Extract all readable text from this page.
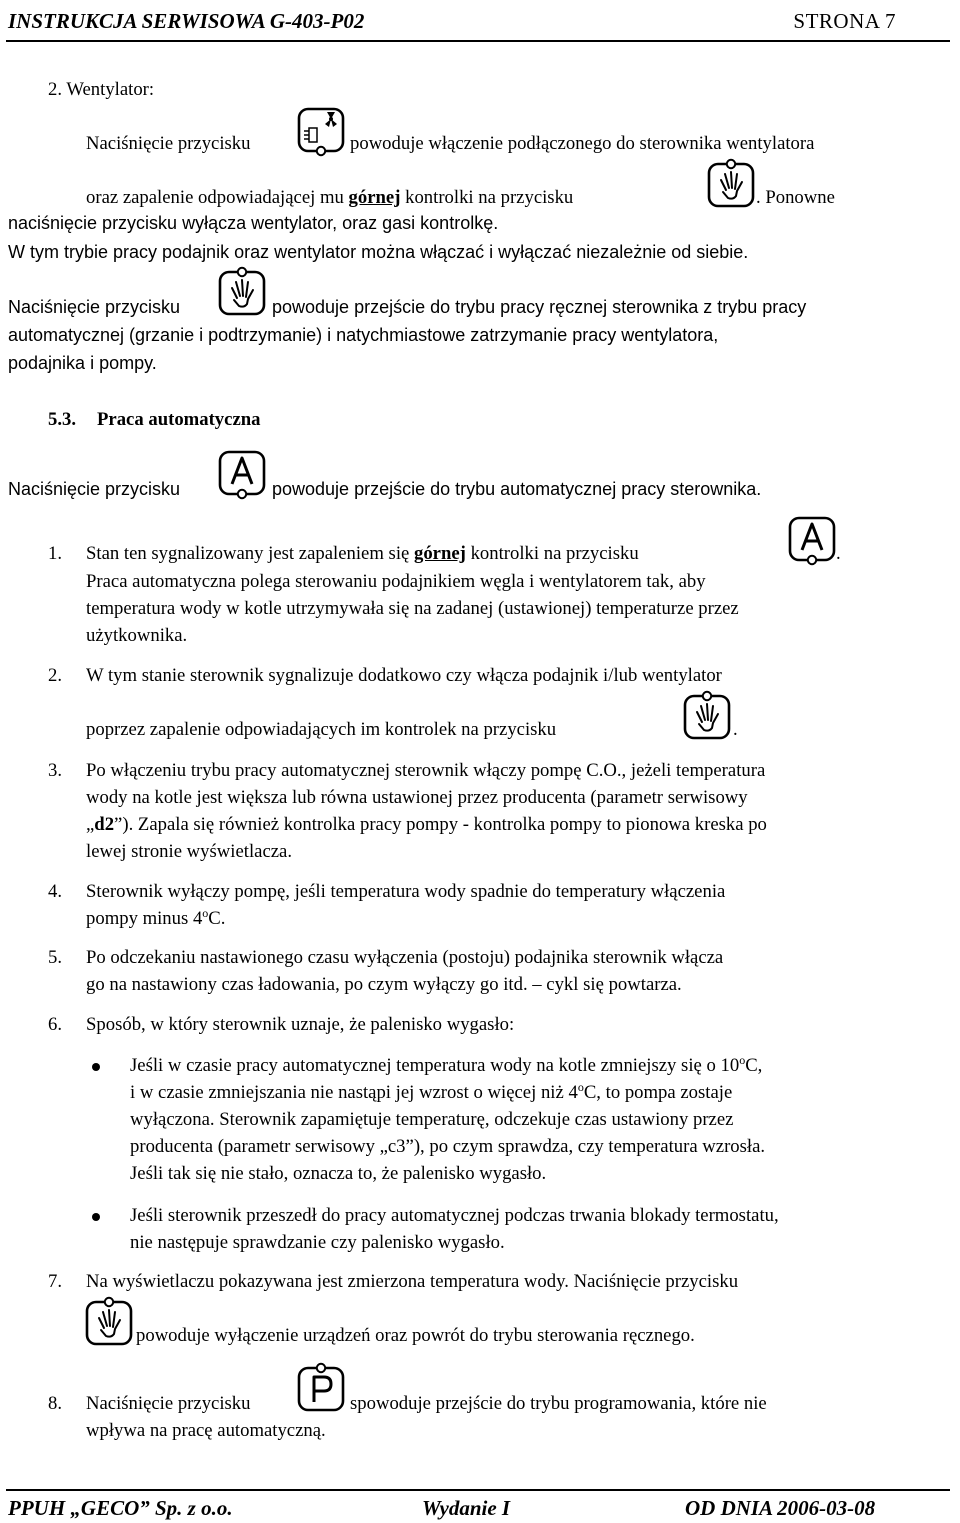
INSTRUKCJA SERWISOWA G-403-P02	STRONA 7
2. Wentylator:
Naciśnięcie przycisku	powoduje włączenie podłączonego do sterownika wentylatora
oraz zapalenie odpowiadającej mu górnej kontrolki na przycisku	. Ponowne
naciśnięcie przycisku wyłącza wentylator, oraz gasi kontrolkę.
W tym trybie pracy podajnik oraz wentylator można włączać i wyłączać niezależnie od siebie.
Naciśnięcie przycisku	powoduje przejście do trybu pracy ręcznej sterownika z trybu pracy
automatycznej (grzanie i podtrzymanie) i natychmiastowe zatrzymanie pracy wentylatora,
podajnika i pompy.
5.3. Praca automatyczna
Naciśnięcie przycisku	powoduje przejście do trybu automatycznej pracy sterownika.
1. Stan ten sygnalizowany jest zapaleniem się górnej kontrolki na przycisku	.
Praca automatyczna polega sterowaniu podajnikiem węgla i wentylatorem tak, aby
temperatura wody w kotle utrzymywała się na zadanej (ustawionej) temperaturze przez
użytkownika.
2. W tym stanie sterownik sygnalizuje dodatkowo czy włącza podajnik i/lub wentylator
poprzez zapalenie odpowiadających im kontrolek na przycisku	.
3. Po włączeniu trybu pracy automatycznej sterownik włączy pompę C.O., jeżeli temperatura
wody na kotle jest większa lub równa ustawionej przez producenta (parametr serwisowy
„d2”). Zapala się również kontrolka pracy pompy - kontrolka pompy to pionowa kreska po
lewej stronie wyświetlacza.
4. Sterownik wyłączy pompę, jeśli temperatura wody spadnie do temperatury włączenia
pompy minus 4$^o$C.
5. Po odczekaniu nastawionego czasu wyłączenia (postoju) podajnika sterownik włącza
go na nastawiony czas ładowania, po czym wyłączy go itd. – cykl się powtarza.
6. Sposób, w który sterownik uznaje, że palenisko wygasło:
Jeśli w czasie pracy automatycznej temperatura wody na kotle zmniejszy się o 10$^o$C,
i w czasie zmniejszania nie nastąpi jej wzrost o więcej niż 4$^o$C, to pompa zostaje
wyłączona. Sterownik zapamiętuje temperaturę, odczekuje czas ustawiony przez
producenta (parametr serwisowy „c3”), po czym sprawdza, czy temperatura wzrosła.
Jeśli tak się nie stało, oznacza to, że palenisko wygasło.
Jeśli sterownik przeszedł do pracy automatycznej podczas trwania blokady termostatu,
nie następuje sprawdzanie czy palenisko wygasło.
7. Na wyświetlaczu pokazywana jest zmierzona temperatura wody. Naciśnięcie przycisku
powoduje wyłączenie urządzeń oraz powrót do trybu sterowania ręcznego.
8. Naciśnięcie przycisku	spowoduje przejście do trybu programowania, które nie
wpływa na pracę automatyczną.
PPUH „GECO” Sp. z o.o.	Wydanie I	OD DNIA 2006-03-08
